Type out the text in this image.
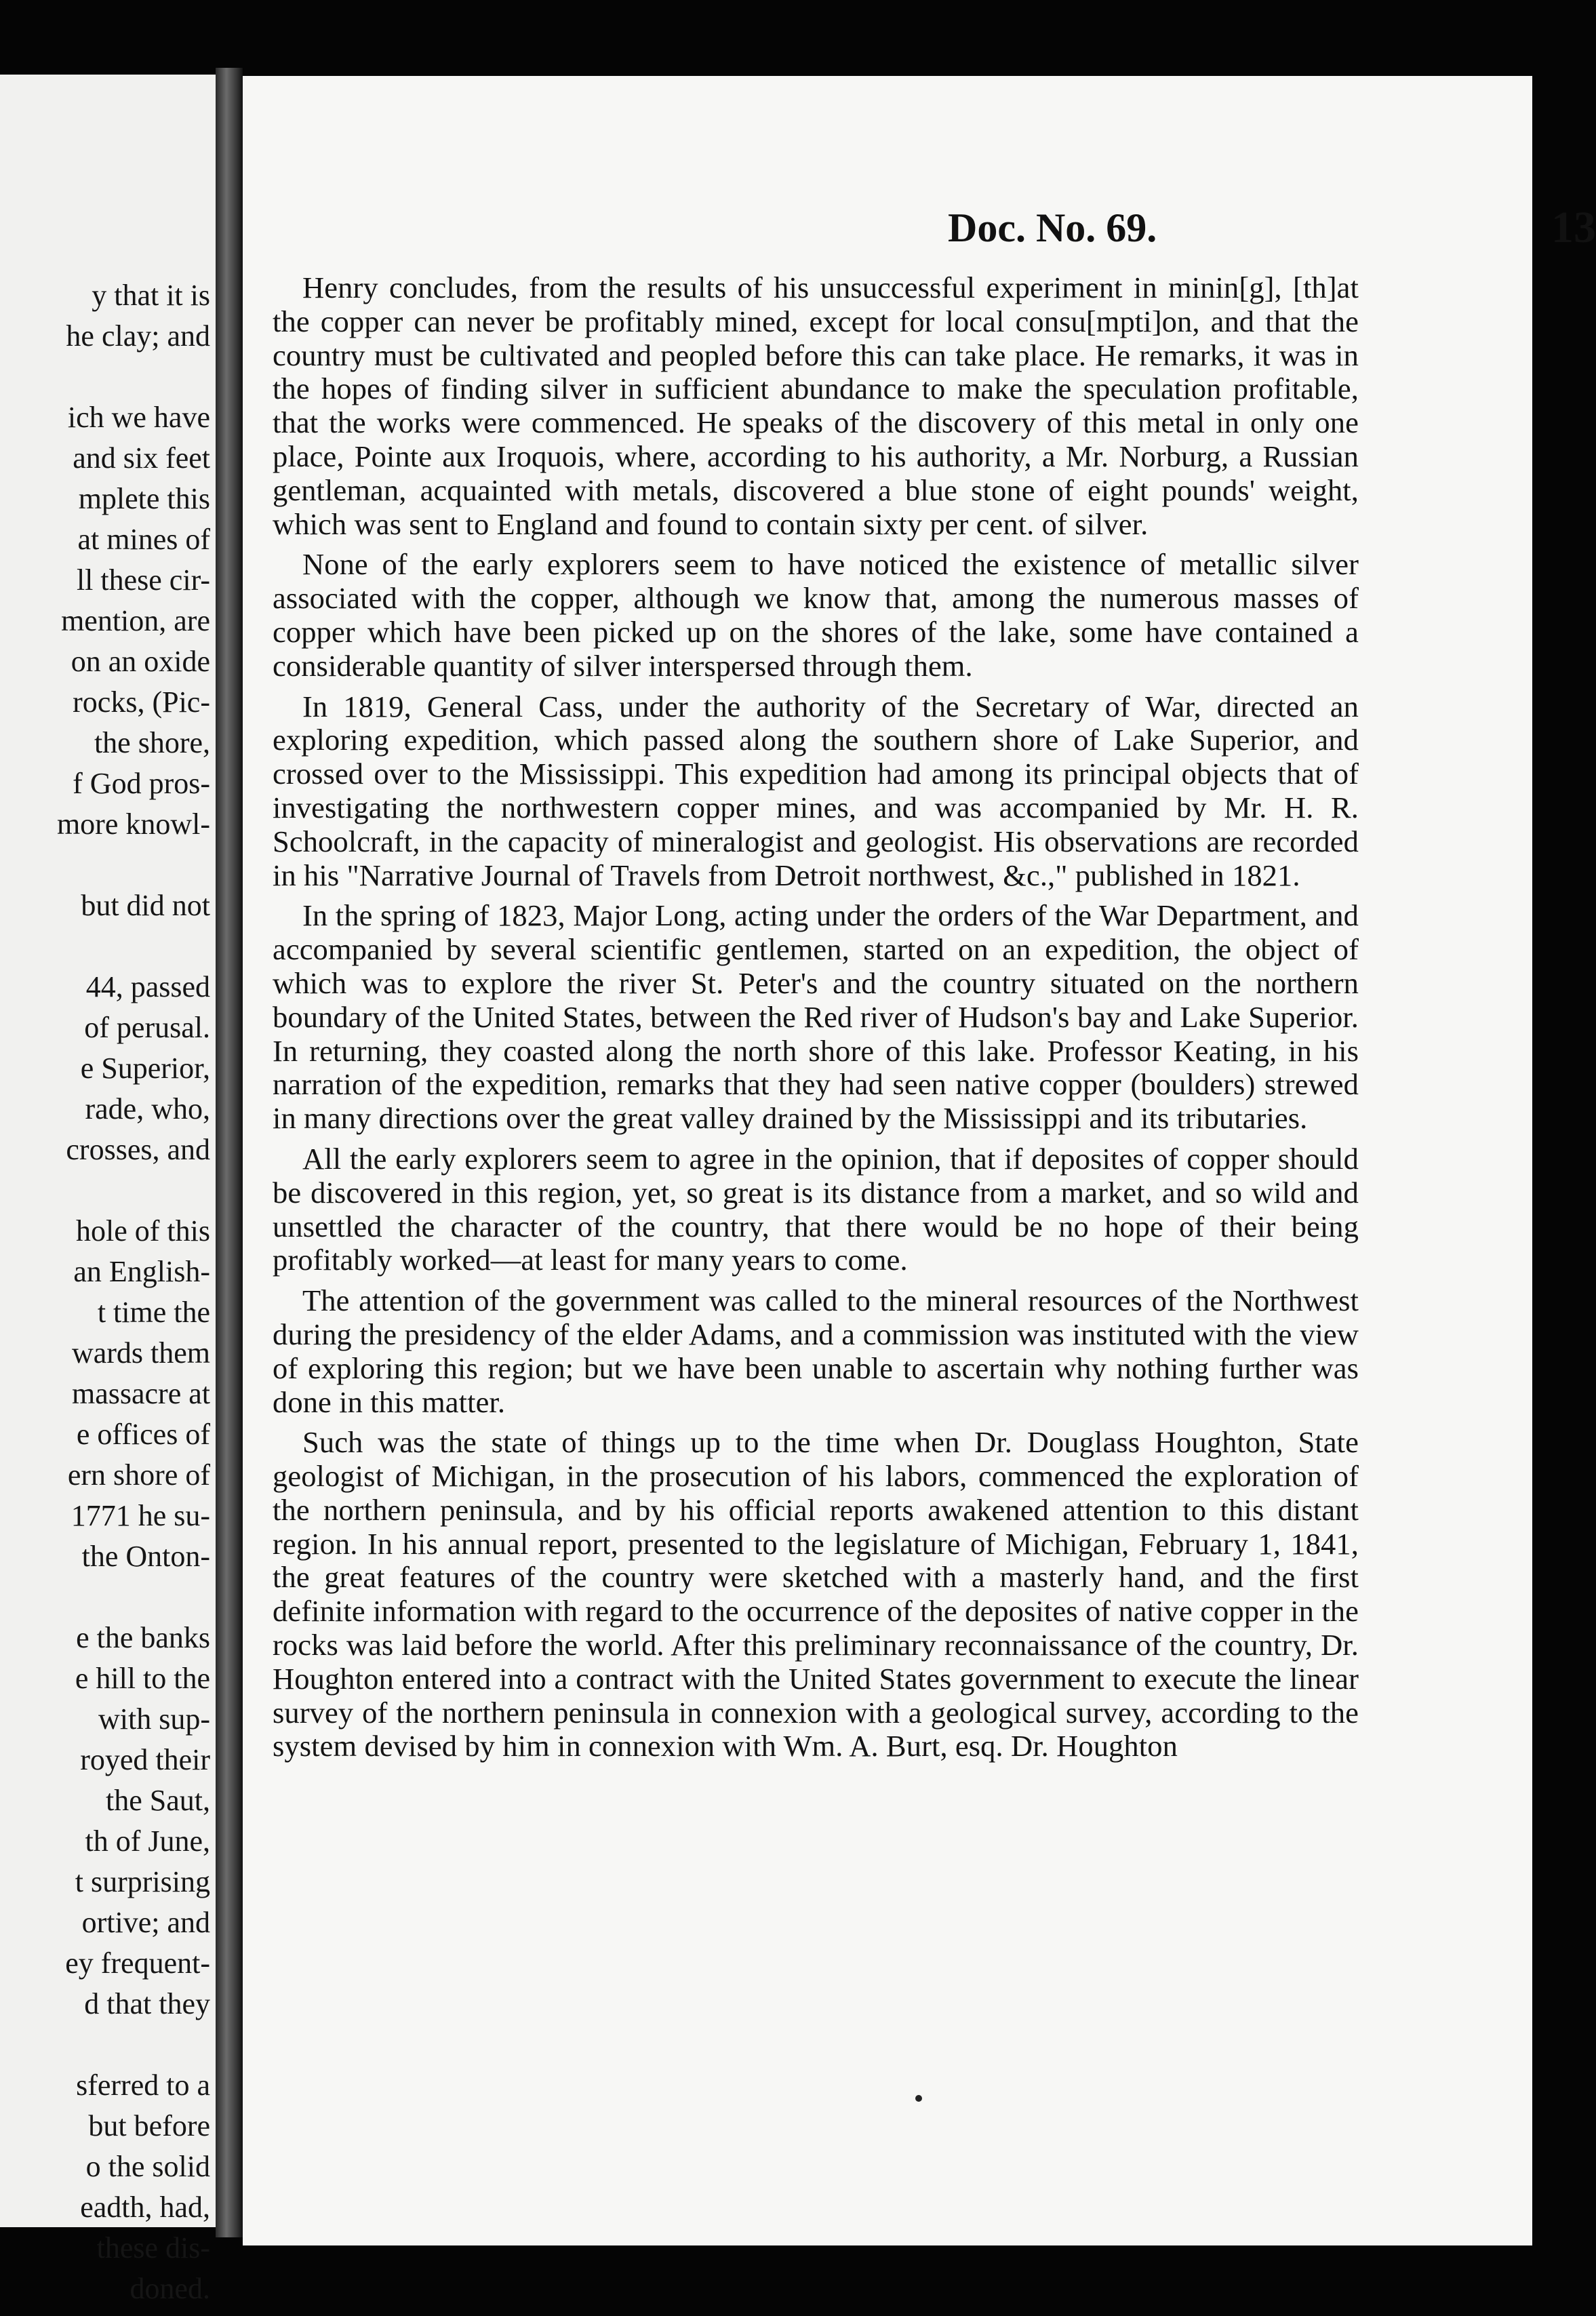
y that it is
he clay; and
ich we have
and six feet
mplete this
at mines of
ll these cir-
mention, are
on an oxide
rocks, (Pic-
the shore,
f God pros-
more knowl-
but did not
44, passed
of perusal.
e Superior,
rade, who,
crosses, and
hole of this
an English-
t time the
wards them
massacre at
e offices of
ern shore of
1771 he su-
the Onton-
e the banks
e hill to the
with sup-
royed their
the Saut,
th of June,
t surprising
ortive; and
ey frequent-
d that they
sferred to a
but before
o the solid
eadth, had,
these dis-
doned.
Doc. No. 69.	13

Henry concludes, from the results of his unsuccessful experiment in minin[g], [th]at the copper can never be profitably mined, except for local consu[mpti]on, and that the country must be cultivated and peopled before this can take place. He remarks, it was in the hopes of finding silver in sufficient abundance to make the speculation profitable, that the works were commenced. He speaks of the discovery of this metal in only one place, Pointe aux Iroquois, where, according to his authority, a Mr. Norburg, a Russian gentleman, acquainted with metals, discovered a blue stone of eight pounds' weight, which was sent to England and found to contain sixty per cent. of silver.

None of the early explorers seem to have noticed the existence of metallic silver associated with the copper, although we know that, among the numerous masses of copper which have been picked up on the shores of the lake, some have contained a considerable quantity of silver interspersed through them.

In 1819, General Cass, under the authority of the Secretary of War, directed an exploring expedition, which passed along the southern shore of Lake Superior, and crossed over to the Mississippi. This expedition had among its principal objects that of investigating the northwestern copper mines, and was accompanied by Mr. H. R. Schoolcraft, in the capacity of mineralogist and geologist. His observations are recorded in his "Narrative Journal of Travels from Detroit northwest, &c.," published in 1821.

In the spring of 1823, Major Long, acting under the orders of the War Department, and accompanied by several scientific gentlemen, started on an expedition, the object of which was to explore the river St. Peter's and the country situated on the northern boundary of the United States, between the Red river of Hudson's bay and Lake Superior. In returning, they coasted along the north shore of this lake. Professor Keating, in his narration of the expedition, remarks that they had seen native copper (boulders) strewed in many directions over the great valley drained by the Mississippi and its tributaries.

All the early explorers seem to agree in the opinion, that if deposites of copper should be discovered in this region, yet, so great is its distance from a market, and so wild and unsettled the character of the country, that there would be no hope of their being profitably worked—at least for many years to come.

The attention of the government was called to the mineral resources of the Northwest during the presidency of the elder Adams, and a commission was instituted with the view of exploring this region; but we have been unable to ascertain why nothing further was done in this matter.

Such was the state of things up to the time when Dr. Douglass Houghton, State geologist of Michigan, in the prosecution of his labors, commenced the exploration of the northern peninsula, and by his official reports awakened attention to this distant region. In his annual report, presented to the legislature of Michigan, February 1, 1841, the great features of the country were sketched with a masterly hand, and the first definite information with regard to the occurrence of the deposites of native copper in the rocks was laid before the world. After this preliminary reconnaissance of the country, Dr. Houghton entered into a contract with the United States government to execute the linear survey of the northern peninsula in connexion with a geological survey, according to the system devised by him in connexion with Wm. A. Burt, esq. Dr. Houghton
